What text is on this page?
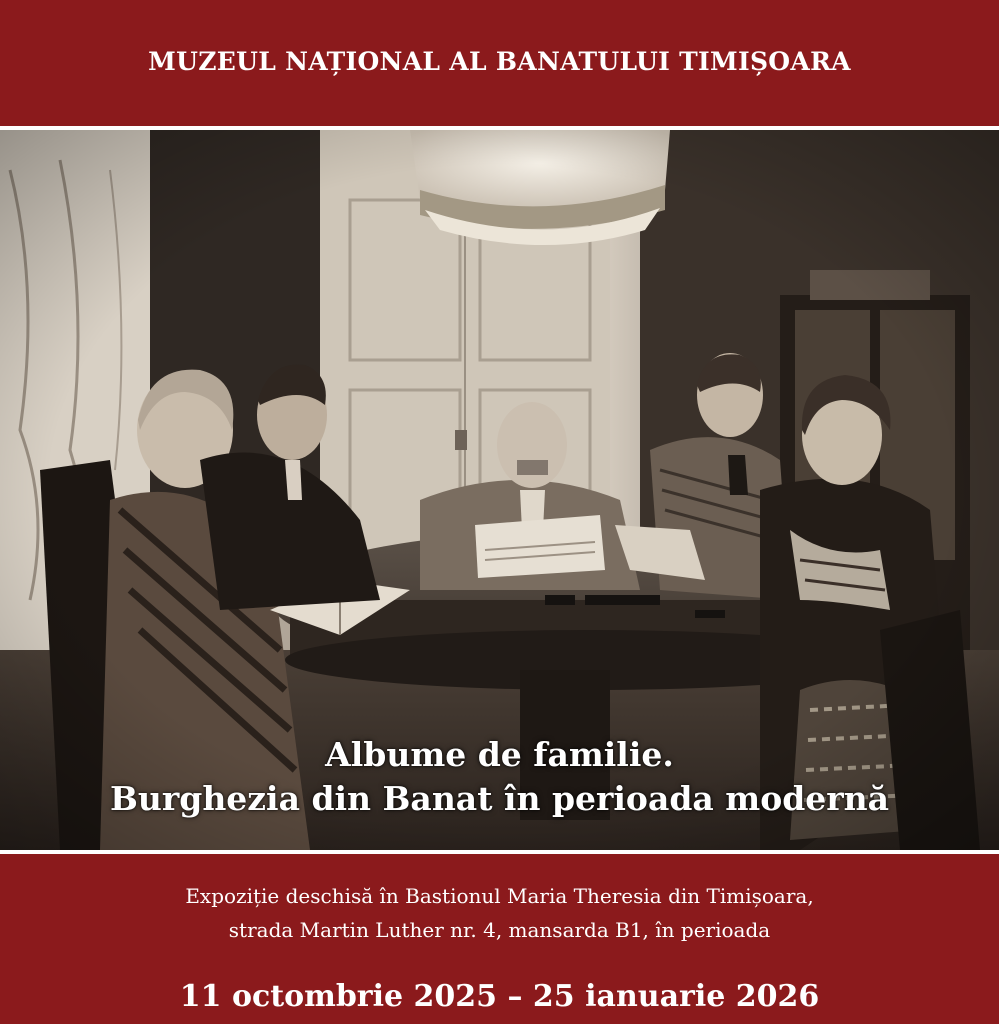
MUZEUL NAȚIONAL AL BANATULUI TIMIȘOARA
Albume de familie.
Burghezia din Banat în perioada modernă
Expoziție deschisă în Bastionul Maria Theresia din Timișoara,
strada Martin Luther nr. 4, mansarda B1, în perioada
11 octombrie 2025 – 25 ianuarie 2026
